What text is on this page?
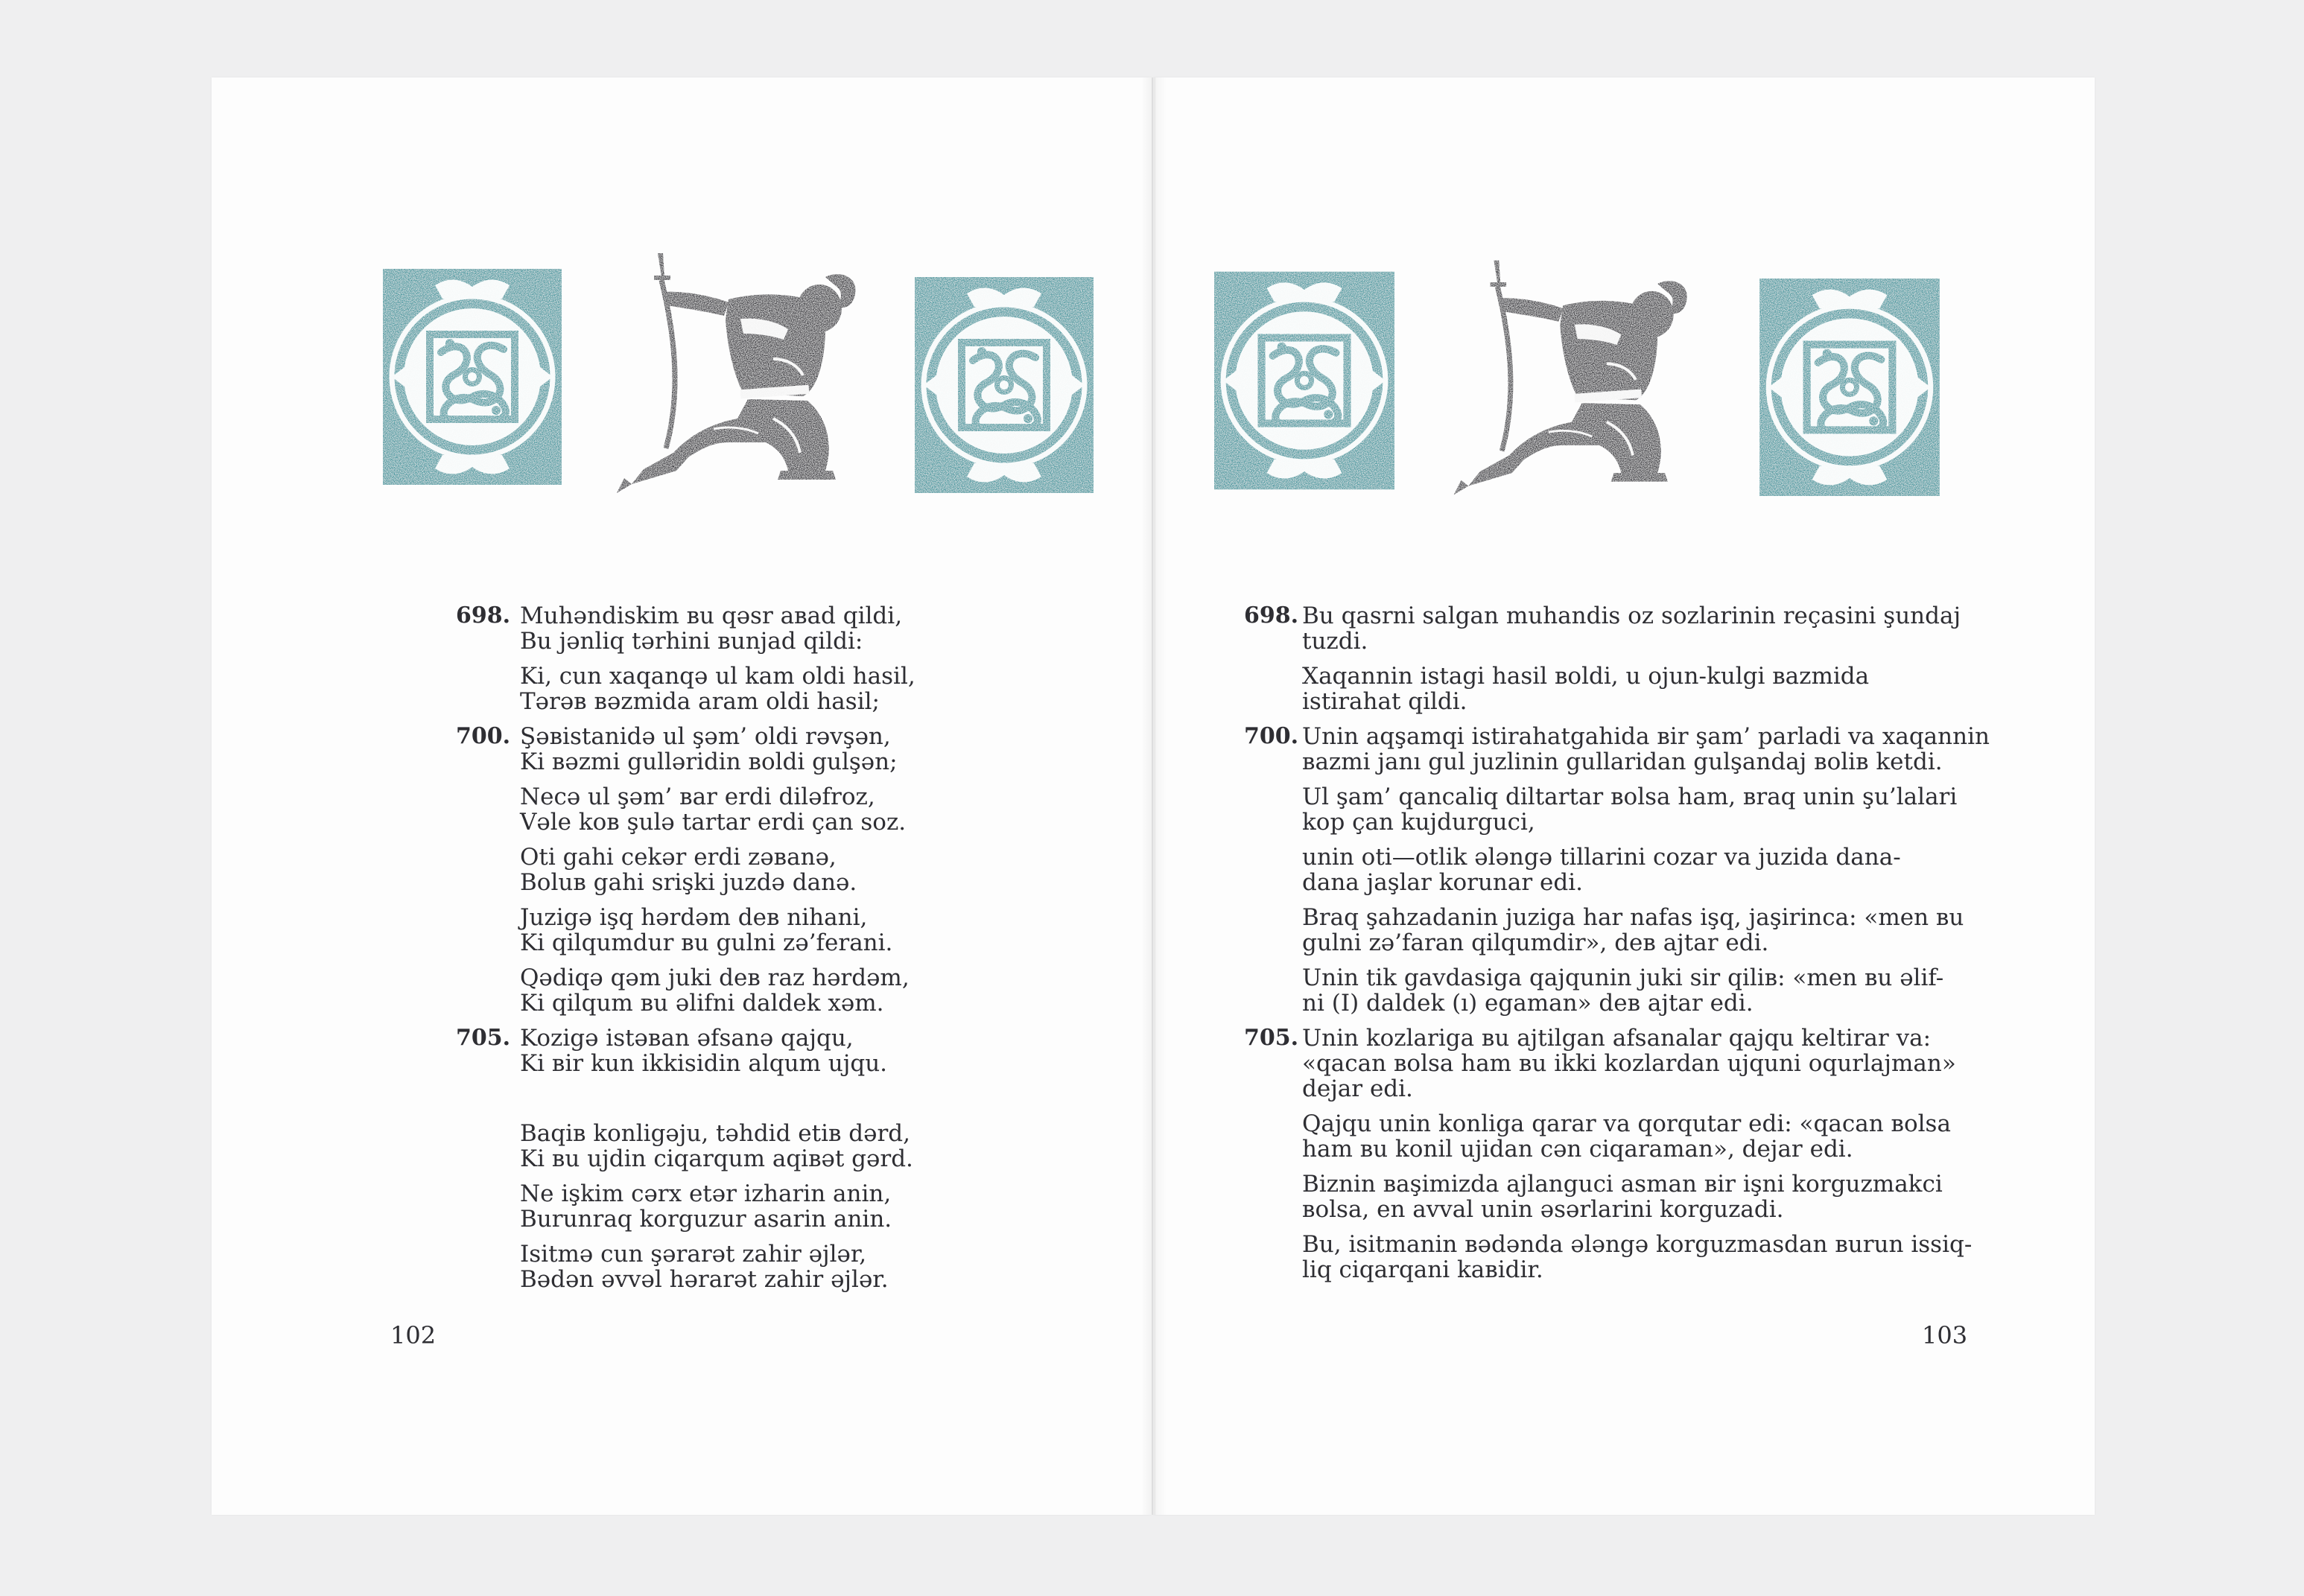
698. Muhəndiskim ʙu qəsr aʙad qildi,
Bu jənliq tərhini ʙunjad qildi:
Ki, cun xaqanqə ul kam oldi hasil,
Tərəʙ ʙəzmida aram oldi hasil;
700. Şəʙistanidə ul şəm’ oldi rəvşən,
Ki ʙəzmi gulləridin ʙoldi gulşən;
Necə ul şəm’ ʙar erdi diləfroz,
Vəle koʙ şulə tartar erdi çan soz.
Oti gahi cekər erdi zəʙanə,
Boluʙ gahi srişki juzdə danə.
Juzigə işq hərdəm deʙ nihani,
Ki qilqumdur ʙu gulni zə’ferani.
Qədiqə qəm juki deʙ raz hərdəm,
Ki qilqum ʙu əlifni daldek xəm.
705. Kozigə istəʙan əfsanə qajqu,
Ki ʙir kun ikkisidin alqum ujqu.
Baqiʙ konligəju, təhdid etiʙ dərd,
Ki ʙu ujdin ciqarqum aqiʙət gərd.
Ne işkim cərx etər izharin anin,
Burunraq korguzur asarin anin.
Isitmə cun şərarət zahir əjlər,
Bədən əvvəl hərarət zahir əjlər.
102
698. Bu qasrni salgan muhandis oz sozlarinin reçasini şundaj
tuzdi.
Xaqannin istagi hasil ʙoldi, u ojun-kulgi ʙazmida
istirahat qildi.
700. Unin aqşamqi istirahatgahida ʙir şam’ parladi va xaqannin
ʙazmi janı gul juzlinin gullaridan gulşandaj ʙoliʙ ketdi.
Ul şam’ qancaliq diltartar ʙolsa ham, ʙraq unin şu’lalari
kop çan kujdurguci,
unin oti—otlik ələngə tillarini cozar va juzida dana-
dana jaşlar korunar edi.
Braq şahzadanin juziga har nafas işq, jaşirinca: «men ʙu
gulni zə’faran qilqumdir», deʙ ajtar edi.
Unin tik gavdasiga qajqunin juki sir qiliʙ: «men ʙu əlif-
ni (I) daldek (ı) egaman» deʙ ajtar edi.
705. Unin kozlariga ʙu ajtilgan afsanalar qajqu keltirar va:
«qacan ʙolsa ham ʙu ikki kozlardan ujquni oqurlajman»
dejar edi.
Qajqu unin konliga qarar va qorqutar edi: «qacan ʙolsa
ham ʙu konil ujidan cən ciqaraman», dejar edi.
Biznin ʙaşimizda ajlanguci asman ʙir işni korguzmakci
ʙolsa, en avval unin əsərlarini korguzadi.
Bu, isitmanin ʙədənda ələngə korguzmasdan ʙurun issiq-
liq ciqarqani kaʙidir.
103
